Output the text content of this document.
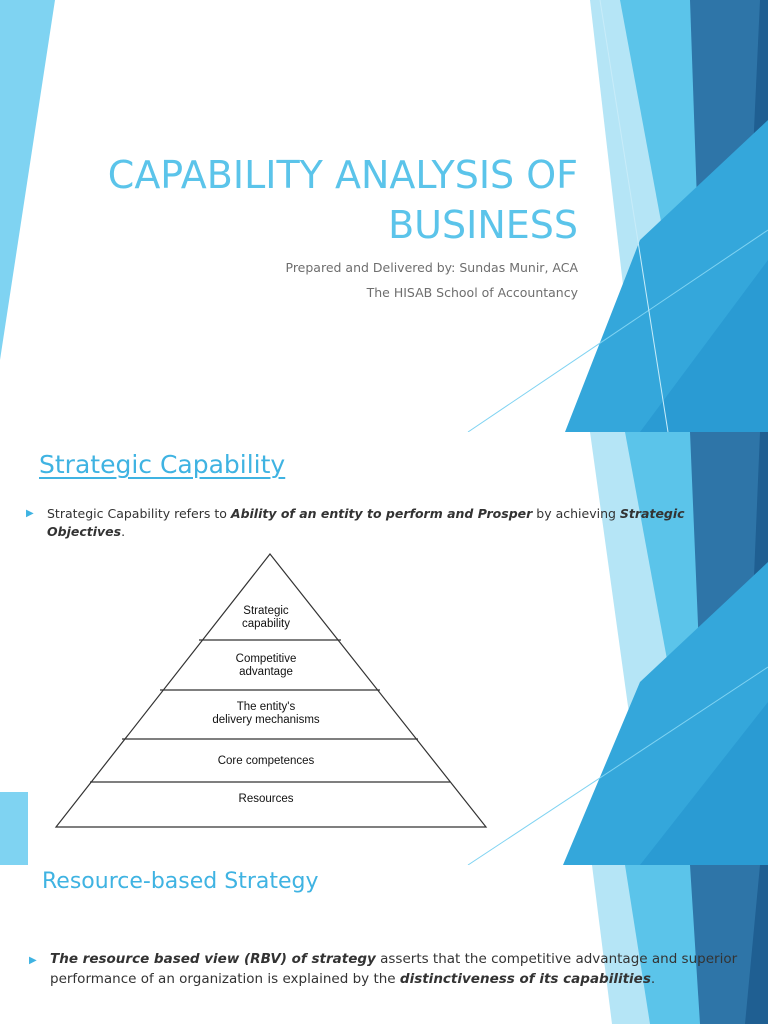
CAPABILITY ANALYSIS OF
BUSINESS
Prepared and Delivered by: Sundas Munir, ACA
The HISAB School of Accountancy
Strategic Capability
▶ Strategic Capability refers to Ability of an entity to perform and Prosper by achieving Strategic
Objectives.
Strategic
capability
Competitive
advantage
The entity's
delivery mechanisms
Core competences
Resources
Resource-based Strategy
▶ The resource based view (RBV) of strategy asserts that the competitive advantage and superior
performance of an organization is explained by the distinctiveness of its capabilities.
